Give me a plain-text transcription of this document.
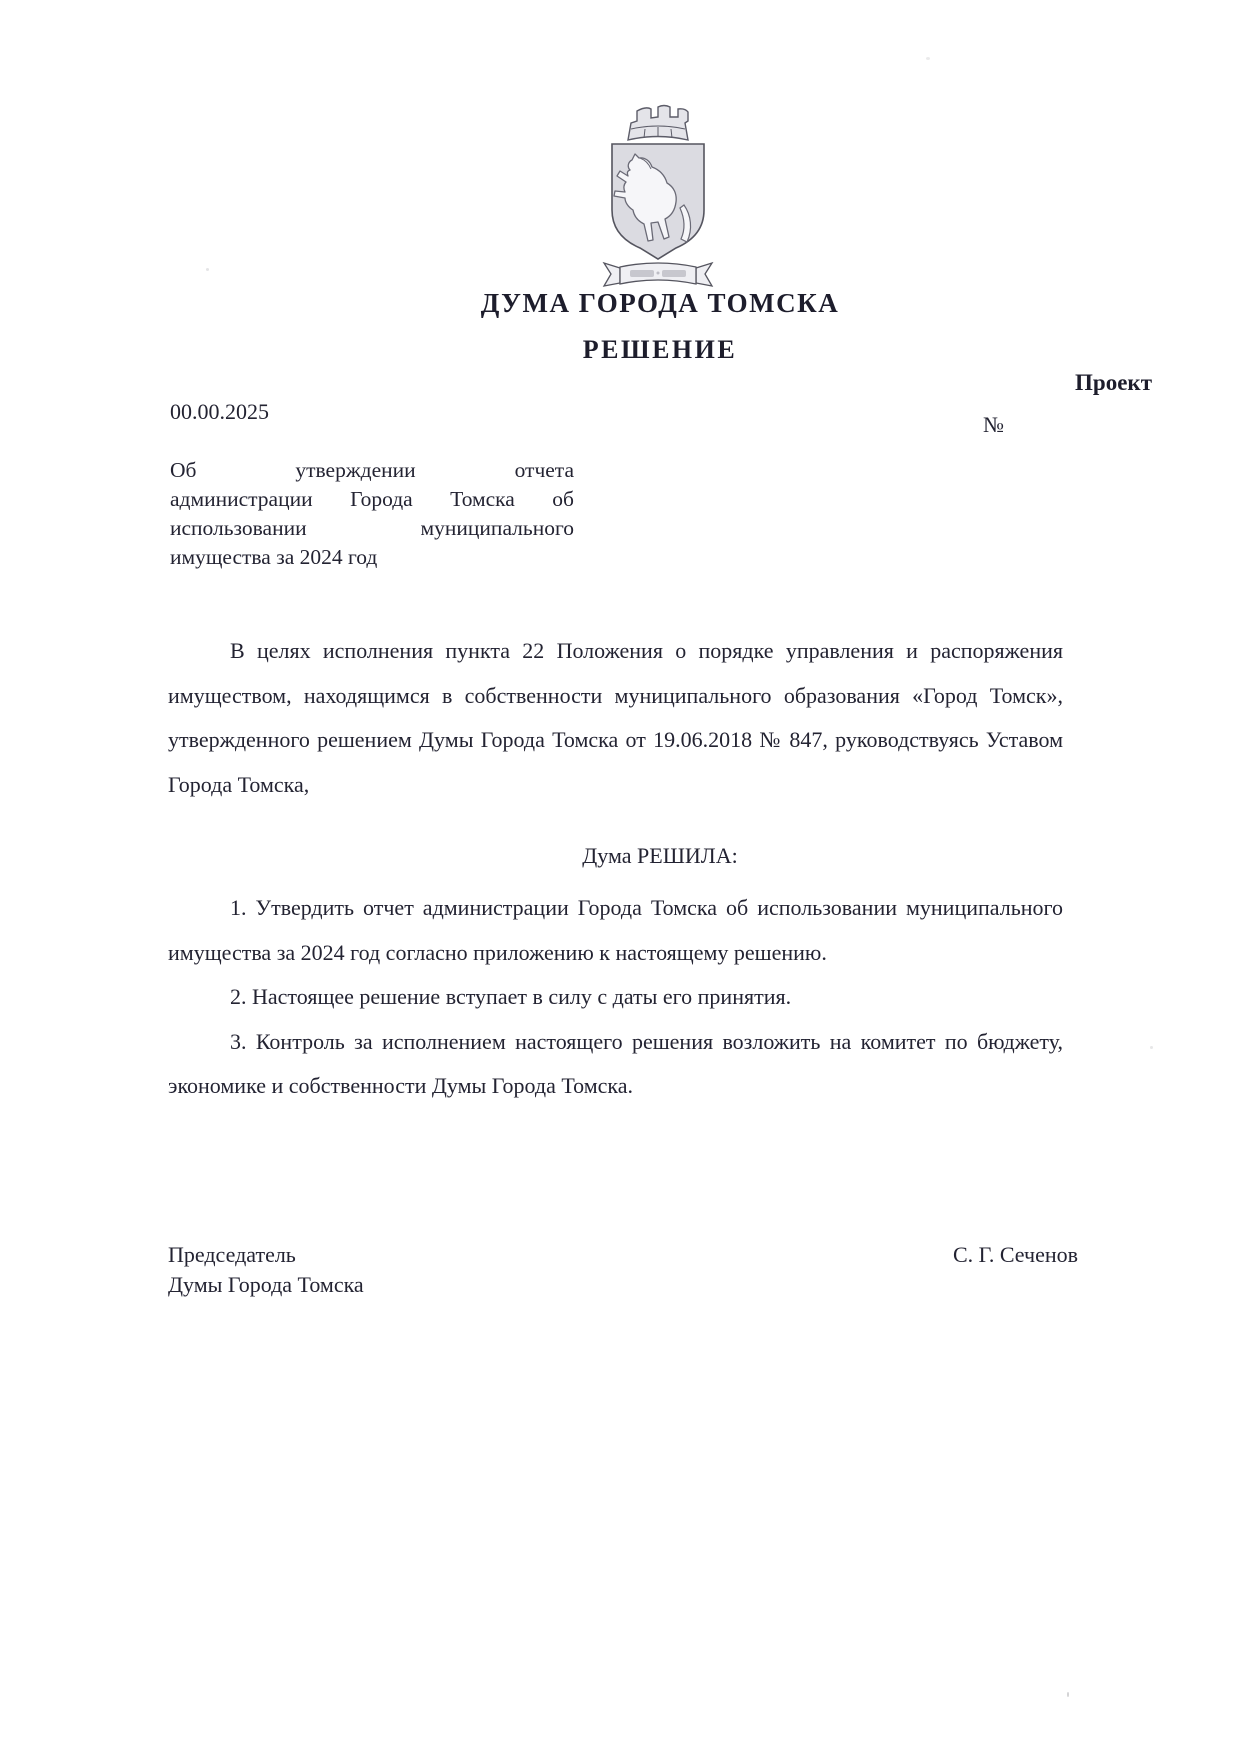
ДУМА ГОРОДА ТОМСКА
РЕШЕНИЕ
Проект
00.00.2025
№
Об утверждении отчета
администрации Города Томска об
использовании муниципального
имущества за 2024 год

В целях исполнения пункта 22 Положения о порядке управления и распоряжения имуществом, находящимся в собственности муниципального образования «Город Томск», утвержденного решением Думы Города Томска от 19.06.2018 № 847, руководствуясь Уставом Города Томска,

Дума РЕШИЛА:

1. Утвердить отчет администрации Города Томска об использовании муниципального имущества за 2024 год согласно приложению к настоящему решению.

2. Настоящее решение вступает в силу с даты его принятия.

3. Контроль за исполнением настоящего решения возложить на комитет по бюджету, экономике и собственности Думы Города Томска.

Председатель
Думы Города Томска
С. Г. Сеченов
